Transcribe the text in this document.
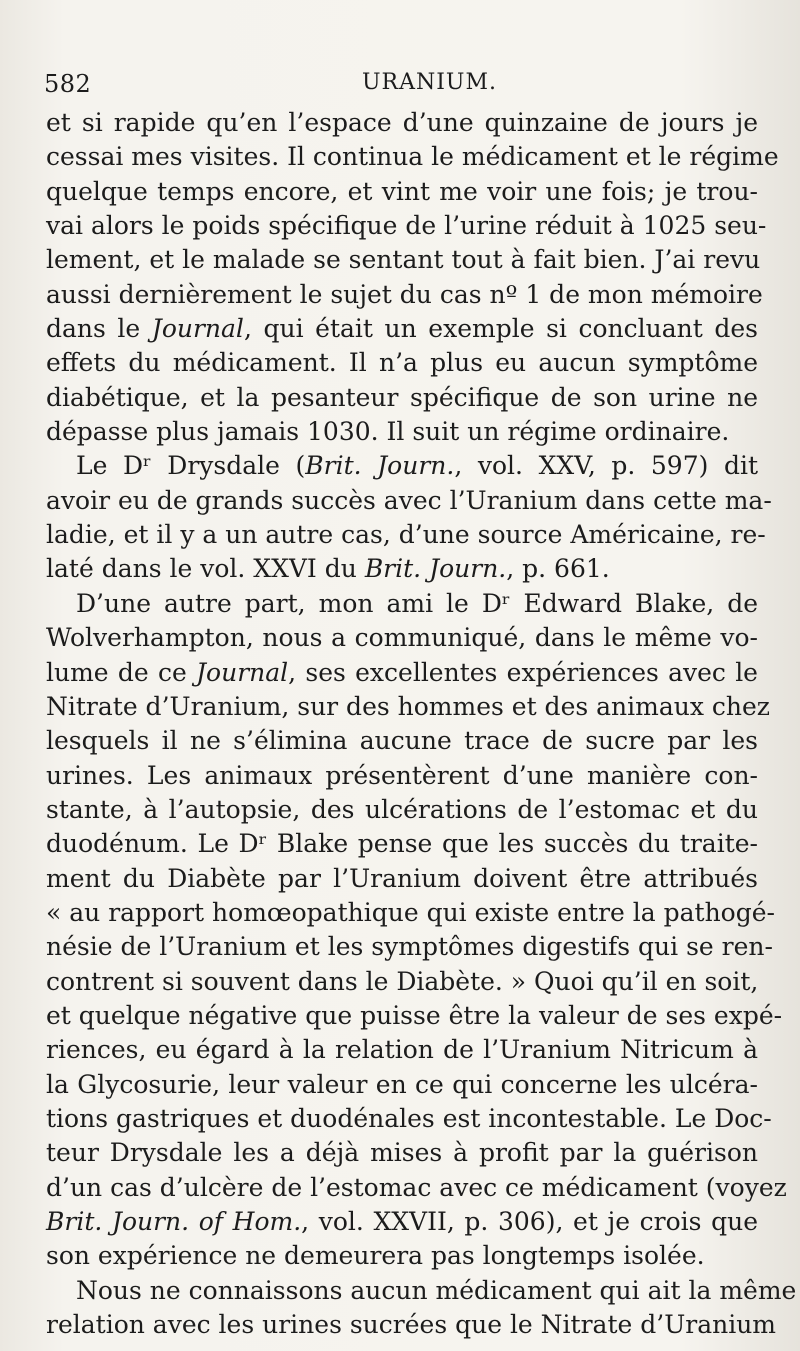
582	URANIUM.
et si rapide qu’en l’espace d’une quinzaine de jours je
cessai mes visites. Il continua le médicament et le régime
quelque temps encore, et vint me voir une fois; je trou-
vai alors le poids spécifique de l’urine réduit à 1025 seu-
lement, et le malade se sentant tout à fait bien. J’ai revu
aussi dernièrement le sujet du cas nº 1 de mon mémoire
dans le Journal, qui était un exemple si concluant des
effets du médicament. Il n’a plus eu aucun symptôme
diabétique, et la pesanteur spécifique de son urine ne
dépasse plus jamais 1030. Il suit un régime ordinaire.
Le Dʳ Drysdale (Brit. Journ., vol. XXV, p. 597) dit
avoir eu de grands succès avec l’Uranium dans cette ma-
ladie, et il y a un autre cas, d’une source Américaine, re-
laté dans le vol. XXVI du Brit. Journ., p. 661.
D’une autre part, mon ami le Dʳ Edward Blake, de
Wolverhampton, nous a communiqué, dans le même vo-
lume de ce Journal, ses excellentes expériences avec le
Nitrate d’Uranium, sur des hommes et des animaux chez
lesquels il ne s’élimina aucune trace de sucre par les
urines. Les animaux présentèrent d’une manière con-
stante, à l’autopsie, des ulcérations de l’estomac et du
duodénum. Le Dʳ Blake pense que les succès du traite-
ment du Diabète par l’Uranium doivent être attribués
« au rapport homœopathique qui existe entre la pathogé-
nésie de l’Uranium et les symptômes digestifs qui se ren-
contrent si souvent dans le Diabète. » Quoi qu’il en soit,
et quelque négative que puisse être la valeur de ses expé-
riences, eu égard à la relation de l’Uranium Nitricum à
la Glycosurie, leur valeur en ce qui concerne les ulcéra-
tions gastriques et duodénales est incontestable. Le Doc-
teur Drysdale les a déjà mises à profit par la guérison
d’un cas d’ulcère de l’estomac avec ce médicament (voyez
Brit. Journ. of Hom., vol. XXVII, p. 306), et je crois que
son expérience ne demeurera pas longtemps isolée.
Nous ne connaissons aucun médicament qui ait la même
relation avec les urines sucrées que le Nitrate d’Uranium
